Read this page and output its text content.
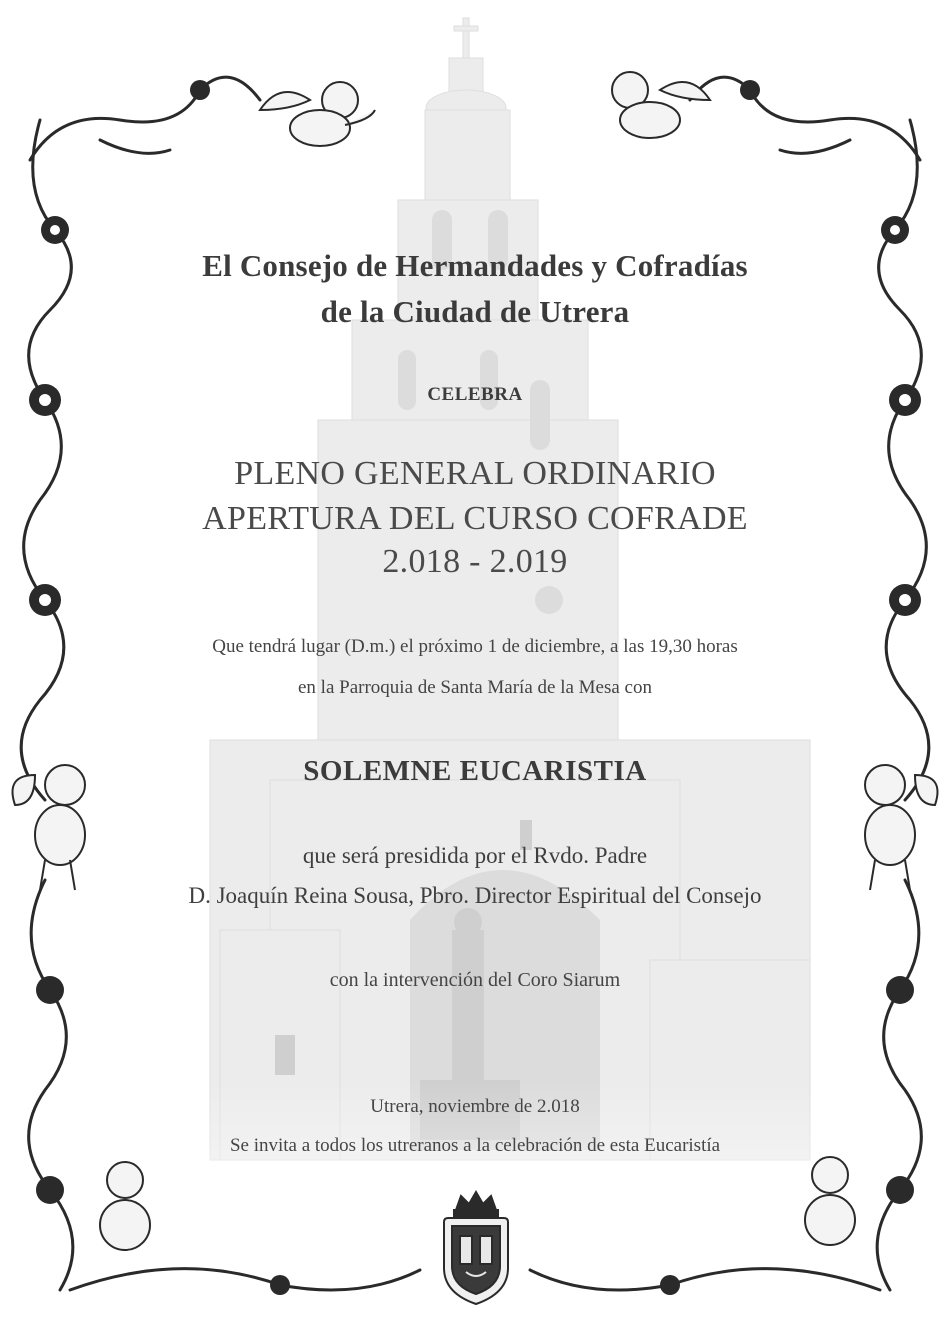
El Consejo de Hermandades y Cofradías
de la Ciudad de Utrera
CELEBRA
PLENO GENERAL ORDINARIO
APERTURA DEL CURSO COFRADE
2.018 - 2.019
Que tendrá lugar (D.m.) el próximo 1 de diciembre, a las 19,30 horas
en la Parroquia de Santa María de la Mesa con
SOLEMNE EUCARISTIA
que será presidida por el Rvdo. Padre
D. Joaquín Reina Sousa, Pbro. Director Espiritual del Consejo
con la intervención del Coro Siarum
Utrera, noviembre de 2.018
Se invita a todos los utreranos a la celebración de esta Eucaristía
